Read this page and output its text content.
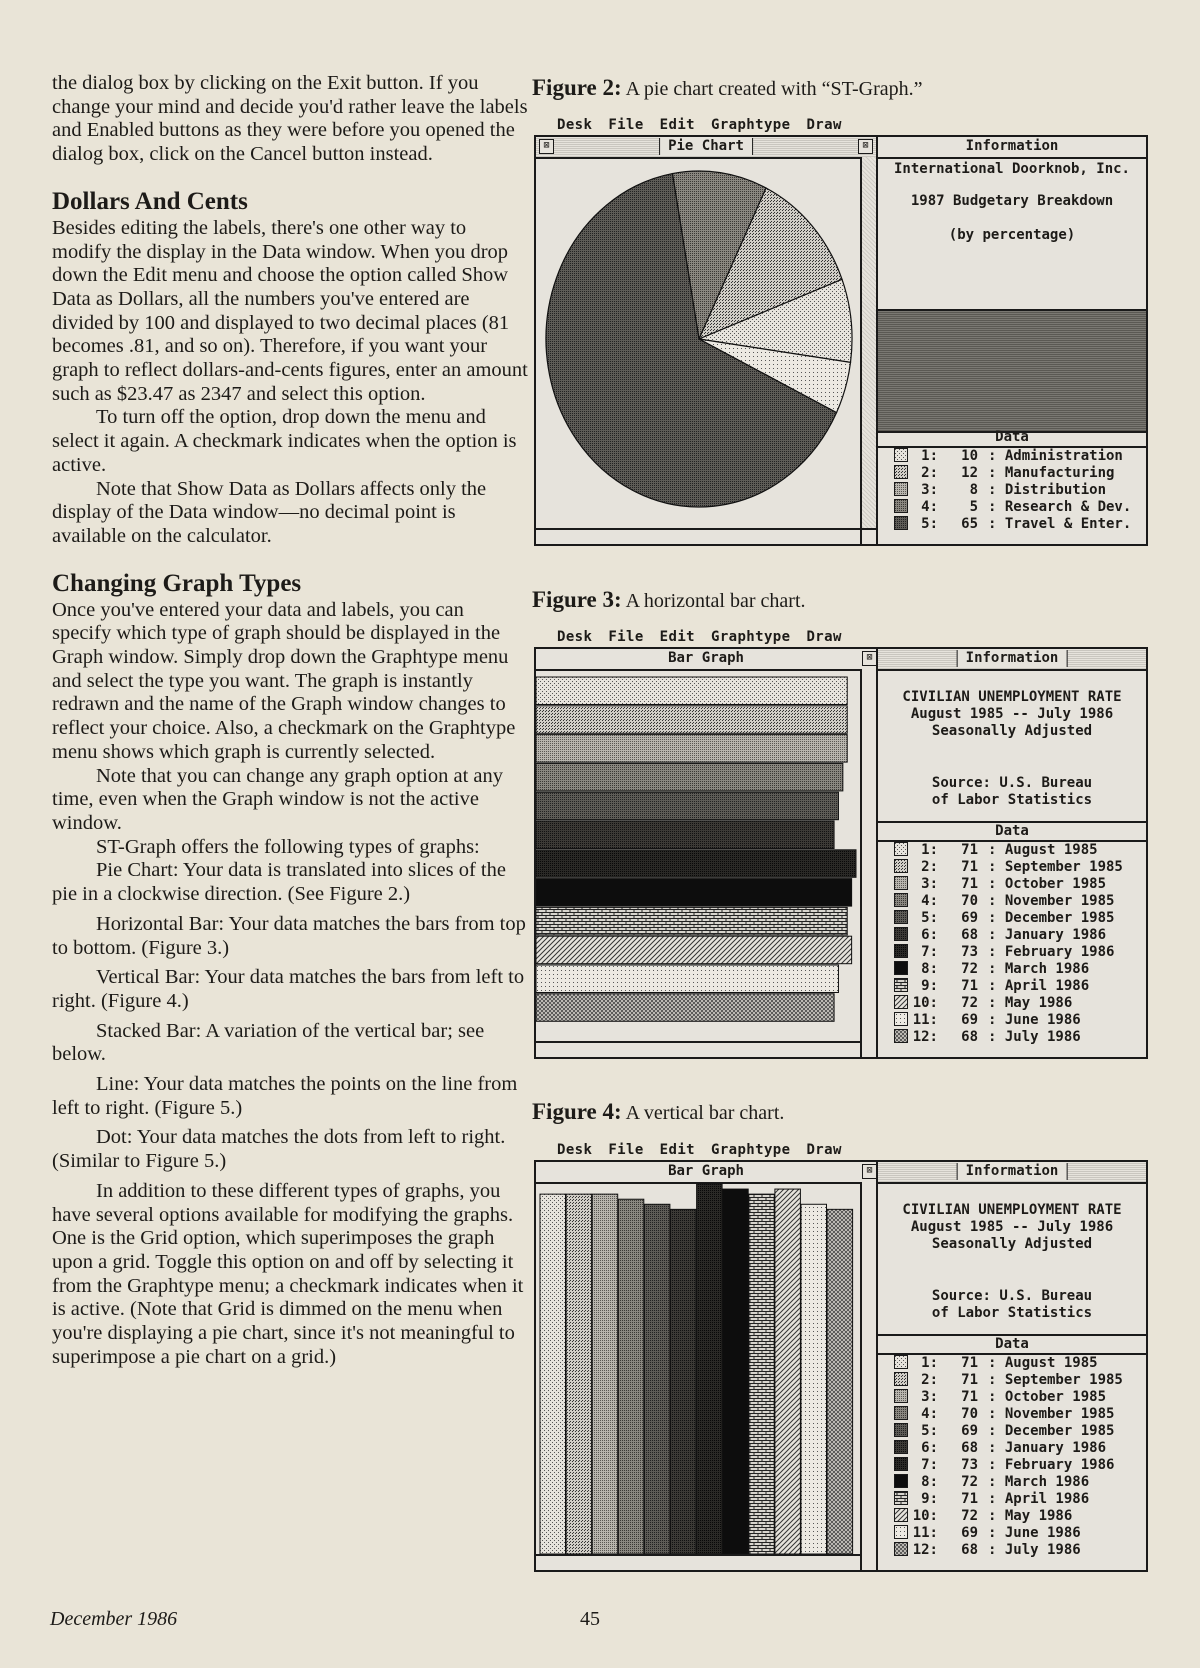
the dialog box by clicking on the Exit button. If you change your mind and decide you'd rather leave the labels and Enabled buttons as they were before you opened the dialog box, click on the Cancel button instead.

Dollars And Cents

Besides editing the labels, there's one other way to modify the display in the Data window. When you drop down the Edit menu and choose the option called Show Data as Dollars, all the numbers you've entered are divided by 100 and displayed to two decimal places (81 becomes .81, and so on). Therefore, if you want your graph to reflect dollars-and-cents figures, enter an amount such as $23.47 as 2347 and select this option.

To turn off the option, drop down the menu and select it again. A checkmark indicates when the option is active.

Note that Show Data as Dollars affects only the display of the Data window—no decimal point is available on the calculator.

Changing Graph Types

Once you've entered your data and labels, you can specify which type of graph should be displayed in the Graph window. Simply drop down the Graphtype menu and select the type you want. The graph is instantly redrawn and the name of the Graph window changes to reflect your choice. Also, a checkmark on the Graphtype menu shows which graph is currently selected.

Note that you can change any graph option at any time, even when the Graph window is not the active window.

ST-Graph offers the following types of graphs:

Pie Chart: Your data is translated into slices of the pie in a clockwise direction. (See Figure 2.)

Horizontal Bar: Your data matches the bars from top to bottom. (Figure 3.)

Vertical Bar: Your data matches the bars from left to right. (Figure 4.)

Stacked Bar: A variation of the vertical bar; see below.

Line: Your data matches the points on the line from left to right. (Figure 5.)

Dot: Your data matches the dots from left to right. (Similar to Figure 5.)

In addition to these different types of graphs, you have several options available for modifying the graphs. One is the Grid option, which superimposes the graph upon a grid. Toggle this option on and off by selecting it from the Graphtype menu; a checkmark indicates when it is active. (Note that Grid is dimmed on the menu when you're displaying a pie chart, since it's not meaningful to superimpose a pie chart on a grid.)

Figure 2: A pie chart created with “ST-Graph.”
Desk File Edit Graphtype Draw
⊠	Pie Chart	⊠	Information
International Doorknob, Inc.
1987 Budgetary Breakdown
(by percentage)
Data
1: 10 : Administration
2: 12 : Manufacturing
3: 8 : Distribution
4: 5 : Research & Dev.
5: 65 : Travel & Enter.
Figure 3: A horizontal bar chart.
Desk File Edit Graphtype Draw
Bar Graph	⊠	Information
CIVILIAN UNEMPLOYMENT RATE
August 1985 -- July 1986
Seasonally Adjusted
Source: U.S. Bureau
of Labor Statistics
Data
1: 71 : August 1985
2: 71 : September 1985
3: 71 : October 1985
4: 70 : November 1985
5: 69 : December 1985
6: 68 : January 1986
7: 73 : February 1986
8: 72 : March 1986
9: 71 : April 1986
10: 72 : May 1986
11: 69 : June 1986
12: 68 : July 1986
Figure 4: A vertical bar chart.
Desk File Edit Graphtype Draw
Bar Graph	⊠	Information
CIVILIAN UNEMPLOYMENT RATE
August 1985 -- July 1986
Seasonally Adjusted
Source: U.S. Bureau
of Labor Statistics
Data
1: 71 : August 1985
2: 71 : September 1985
3: 71 : October 1985
4: 70 : November 1985
5: 69 : December 1985
6: 68 : January 1986
7: 73 : February 1986
8: 72 : March 1986
9: 71 : April 1986
10: 72 : May 1986
11: 69 : June 1986
12: 68 : July 1986
December 1986	45
